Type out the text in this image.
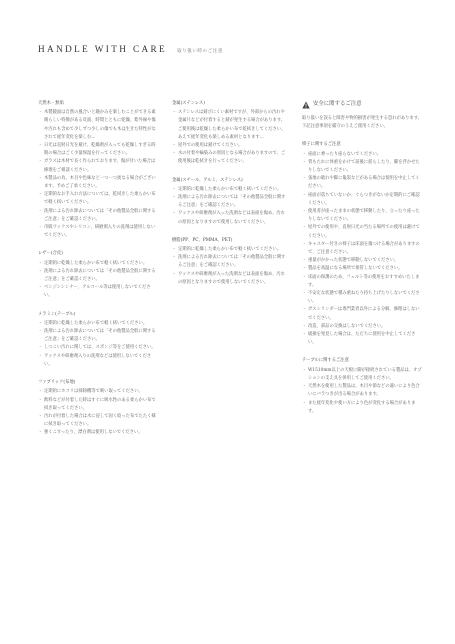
HANDLE WITH CARE 取り扱い時のご注意
天然木・無垢
・ 木製鏡面は自然の風合いと趣かみを楽しむことができる素晴らしい特徴がある反面、時間とともに乾燥、紫外線や傷や汚れも含めて少しずつ少しの傷でも木は生きた特性がなされて経年変化を楽しむ...
・ 日光は直射日光を避け、乾燥剤が入っても乾燥しすぎる時期の場合はごく少量保湿を行ってください。
・ ガラスは木材で長く作られております。傷が付いた場合は修理をご相談ください。
・ 木製品の為、木目や色味など一つ一つ異なる場合がございます。予めご了承ください。
・ 定期的なお手入れ方法については、乾拭きした柔らかい布で軽く拭いてください。
・ 洗剤による汚れ除去については「その他製品全般に関するご注意」をご確認ください。
・ 市販ワックスやシリコン、研磨剤入りの洗剤は使用しないでください。
レザー(合皮)
・ 定期的に乾燥した柔らかい布で軽く拭いてください。
・ 洗剤による汚れ除去については「その他製品全般に関するご注意」をご確認ください。
・ ベンジンシンナー、アルコール等は使用しないでください。
メラミン(テーブル)
・ 定期的に乾燥した柔らかい布で軽く拭いてください。
・ 洗剤による汚れ除去については「その他製品全般に関するご注意」をご確認ください。
・ しつこい汚れに関しては、スポンジ等をご使用ください。
・ ワックスや研磨剤入りの洗剤などは使用しないでください。
ファブリック(布地)
・ 定期的にホコリは掃除機等で吸い取ってください。
・ 飲料などが付着した時はすぐに吸水性のある柔らかい布で拭き取ってください。
・ 汚れが付着した場合は水に浸して固く絞った布でたたく様に拭き取ってください。
・ 強くこすったり、漂白剤は使用しないでください。
金属(ステンレス)
・ ステンレスは錆びにくい素材ですが、外部からの汚れや金属片などが付着すると錆が発生する場合があります。ご使用後は乾燥した柔らかい布で乾拭きしてください。あえて経年変化も楽しめる素材となります...
・ 屋外での使用は避けてください。
・ 水の付着や輪染みの原因となる場合がありますので、ご使用後は乾拭きを行ってください。
金属(スチール、アルミ、ステンレス)
・ 定期的に乾燥した柔らかい布で軽く拭いてください。
・ 洗剤による汚れ除去については「その他製品全般に関するご注意」をご確認ください。
・ ワックスや研磨剤が入った洗剤などは表面を傷め、汚れの原因となりますので使用しないでください。
樹脂(PP、PC、PMMA、PET)
・ 定期的に乾燥した柔らかい布で軽く拭いてください。
・ 洗剤による汚れ除去については「その他製品全般に関するご注意」をご確認ください。
・ ワックスや研磨剤が入った洗剤などは表面を傷め、汚れの原因となりますので使用しないでください。
安全に関するご注意

取り扱いを誤ると障害や物的損害が発生する恐れがあります。下記注意事項を厳守のうえご使用ください。

椅子に関するご注意
・ 座面に乗ったり座らないでください。
・ 背もたれに体重をかけて前後に揺らしたり、脚を浮かせたりしないでください。
・ 張地の破れや脚に亀裂などがある場合は使用を中止してください。
・ 座面が落ちていないか、ぐらつきがないか定期的にご確認ください。
・ 使用者が座ったままの状態で移動したり、立ったり座ったりしないでください。
・ 屋外での使用や、直射日光の当たる場所での使用は避けてください。
・ キャスター付きの椅子は床面を傷つける場合がありますので、ご注意ください。
・ 重量がかかった状態で移動しないでください。
・ 製品を高温になる場所で保管しないでください。
・ 床面の保護のため、フェルト等の使用をおすすめいたします。
・ 不安定な状態で積み重ねたり持ち上げたりしないでください。
・ ガスシリンダーは専門業者以外による分解、修理はしないでください。
・ 改造、部品の交換はしないでください。
・ 破損を発見した場合は、ただちに使用を中止してください。
テーブルに関するご注意
・ W1510mm以上の天板に脚が接続されている製品は、オプションの支え具を併用してご使用ください。
・ 天然木を使用した製品は、木目や節などの違いにより色合いにバラつきが出る場合があります。
・ また経年変化や使い方により色が変化する場合があります。
